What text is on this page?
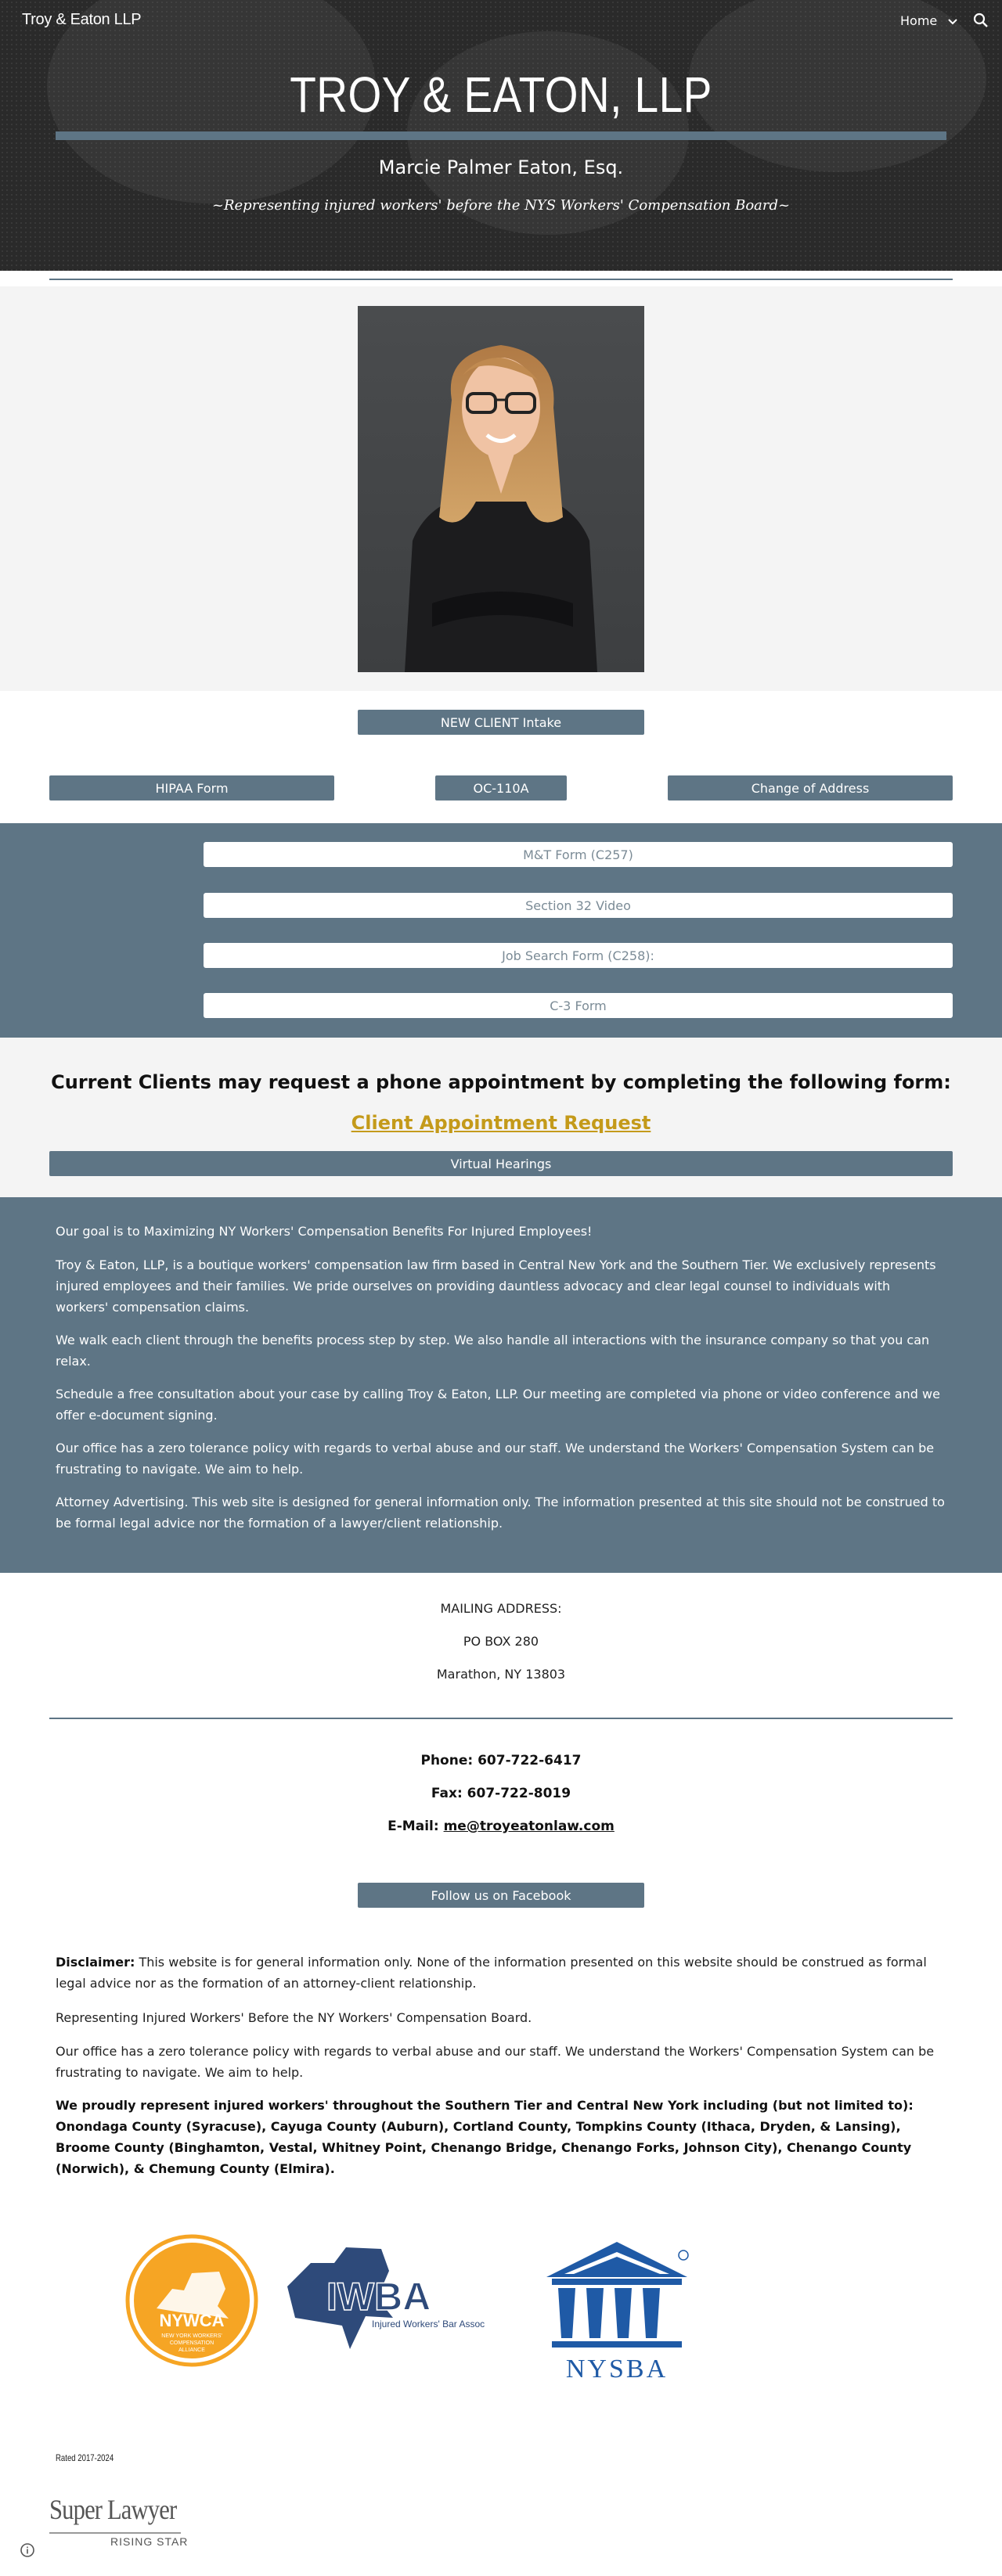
Troy & Eaton LLP	Home
TROY & EATON, LLP
Marcie Palmer Eaton, Esq.
~Representing injured workers' before the NYS Workers' Compensation Board~
NEW CLIENT Intake
HIPAA Form	OC-110A	Change of Address
M&T Form (C257)
Section 32 Video
Job Search Form (C258):
C-3 Form
Current Clients may request a phone appointment by completing the following form:
Client Appointment Request
Virtual Hearings

Our goal is to Maximizing NY Workers' Compensation Benefits For Injured Employees!

Troy & Eaton, LLP, is a boutique workers' compensation law firm based in Central New York and the Southern Tier. We exclusively represents injured employees and their families. We pride ourselves on providing dauntless advocacy and clear legal counsel to individuals with workers' compensation claims.

We walk each client through the benefits process step by step. We also handle all interactions with the insurance company so that you can relax.

Schedule a free consultation about your case by calling Troy & Eaton, LLP. Our meeting are completed via phone or video conference and we offer e-document signing.

Our office has a zero tolerance policy with regards to verbal abuse and our staff. We understand the Workers' Compensation System can be frustrating to navigate. We aim to help.

Attorney Advertising. This web site is designed for general information only. The information presented at this site should not be construed to be formal legal advice nor the formation of a lawyer/client relationship.

MAILING ADDRESS:
PO BOX 280
Marathon, NY 13803
Phone: 607-722-6417
Fax: 607-722-8019
E-Mail: me@troyeatonlaw.com
Follow us on Facebook
Disclaimer: This website is for general information only. None of the information presented on this website should be construed as formal legal advice nor as the formation of an attorney-client relationship.
Representing Injured Workers' Before the NY Workers' Compensation Board.
Our office has a zero tolerance policy with regards to verbal abuse and our staff. We understand the Workers' Compensation System can be frustrating to navigate. We aim to help.
We proudly represent injured workers' throughout the Southern Tier and Central New York including (but not limited to): Onondaga County (Syracuse), Cayuga County (Auburn), Cortland County, Tompkins County (Ithaca, Dryden, & Lansing), Broome County (Binghamton, Vestal, Whitney Point, Chenango Bridge, Chenango Forks, Johnson City), Chenango County (Norwich), & Chemung County (Elmira).
NYWCA
NEW YORK WORKERS'
COMPENSATION
ALLIANCE
IWBA
Injured Workers' Bar Assoc
NYSBA
Rated 2017-2024
Super Lawyer
RISING STAR
